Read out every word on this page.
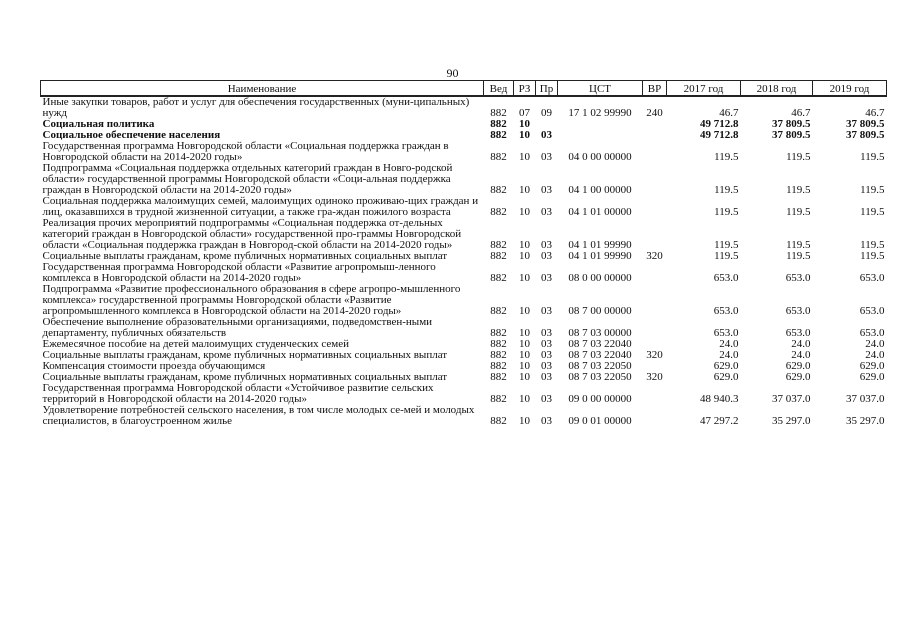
90
Наименование	Вед	РЗ	Пр	ЦСТ	ВР	2017 год	2018 год	2019 год
Иные закупки товаров, работ и услуг для обеспечения государственных (муни-ципальных) нужд	882	07	09	17 1 02 99990	240	46.7	46.7	46.7
Социальная политика	882	10				49 712.8	37 809.5	37 809.5
Социальное обеспечение населения	882	10	03			49 712.8	37 809.5	37 809.5
Государственная программа Новгородской области «Социальная поддержка граждан в Новгородской области на 2014-2020 годы»	882	10	03	04 0 00 00000		119.5	119.5	119.5
Подпрограмма «Социальная поддержка отдельных категорий граждан в Новго-родской области» государственной программы Новгородской области «Соци-альная поддержка граждан в Новгородской области на 2014-2020 годы»	882	10	03	04 1 00 00000		119.5	119.5	119.5
Социальная поддержка малоимущих семей, малоимущих одиноко проживаю-щих граждан и лиц, оказавшихся в трудной жизненной ситуации, а также гра-ждан пожилого возраста	882	10	03	04 1 01 00000		119.5	119.5	119.5
Реализация прочих мероприятий подпрограммы «Социальная поддержка от-дельных категорий граждан в Новгородской области» государственной про-граммы Новгородской области «Социальная поддержка граждан в Новгород-ской области на 2014-2020 годы»	882	10	03	04 1 01 99990		119.5	119.5	119.5
Социальные выплаты гражданам, кроме публичных нормативных социальных выплат	882	10	03	04 1 01 99990	320	119.5	119.5	119.5
Государственная программа Новгородской области «Развитие агропромыш-ленного комплекса в Новгородской области на 2014-2020 годы»	882	10	03	08 0 00 00000		653.0	653.0	653.0
Подпрограмма «Развитие профессионального образования в сфере агропро-мышленного комплекса» государственной программы Новгородской области «Развитие агропромышленного комплекса в Новгородской области на 2014-2020 годы»	882	10	03	08 7 00 00000		653.0	653.0	653.0
Обеспечение выполнение образовательными организациями, подведомствен-ными департаменту, публичных обязательств	882	10	03	08 7 03 00000		653.0	653.0	653.0
Ежемесячное пособие на детей малоимущих студенческих семей	882	10	03	08 7 03 22040		24.0	24.0	24.0
Социальные выплаты гражданам, кроме публичных нормативных социальных выплат	882	10	03	08 7 03 22040	320	24.0	24.0	24.0
Компенсация стоимости проезда обучающимся	882	10	03	08 7 03 22050		629.0	629.0	629.0
Социальные выплаты гражданам, кроме публичных нормативных социальных выплат	882	10	03	08 7 03 22050	320	629.0	629.0	629.0
Государственная программа Новгородской области «Устойчивое развитие сельских территорий в Новгородской области на 2014-2020 годы»	882	10	03	09 0 00 00000		48 940.3	37 037.0	37 037.0
Удовлетворение потребностей сельского населения, в том числе молодых се-мей и молодых специалистов, в благоустроенном жилье	882	10	03	09 0 01 00000		47 297.2	35 297.0	35 297.0
